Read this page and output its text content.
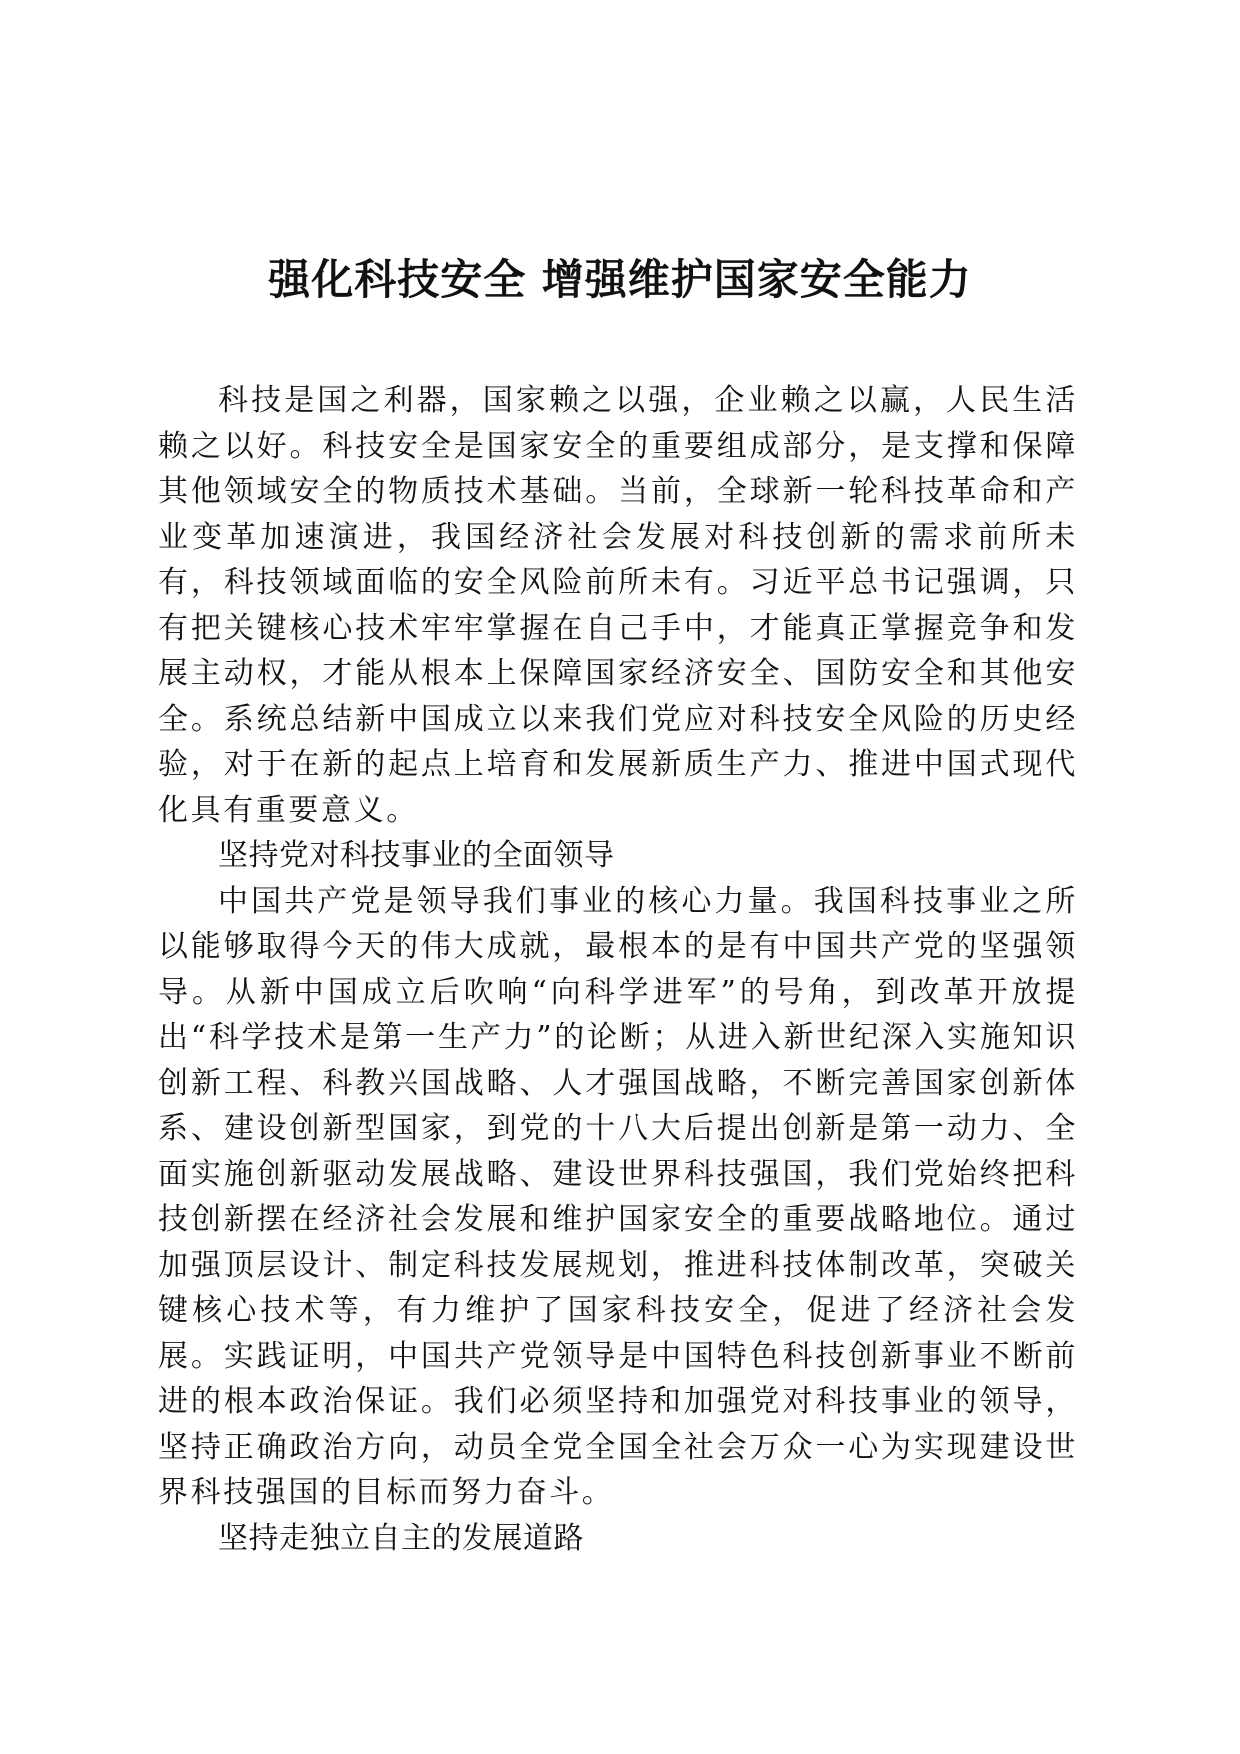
强化科技安全 增强维护国家安全能力

科技是国之利器，国家赖之以强，企业赖之以赢，人民生活赖之以好。科技安全是国家安全的重要组成部分，是支撑和保障其他领域安全的物质技术基础。当前，全球新一轮科技革命和产业变革加速演进，我国经济社会发展对科技创新的需求前所未有，科技领域面临的安全风险前所未有。习近平总书记强调，只有把关键核心技术牢牢掌握在自己手中，才能真正掌握竞争和发展主动权，才能从根本上保障国家经济安全、国防安全和其他安全。系统总结新中国成立以来我们党应对科技安全风险的历史经验，对于在新的起点上培育和发展新质生产力、推进中国式现代化具有重要意义。

坚持党对科技事业的全面领导

中国共产党是领导我们事业的核心力量。我国科技事业之所以能够取得今天的伟大成就，最根本的是有中国共产党的坚强领导。从新中国成立后吹响“向科学进军”的号角，到改革开放提出“科学技术是第一生产力”的论断；从进入新世纪深入实施知识创新工程、科教兴国战略、人才强国战略，不断完善国家创新体系、建设创新型国家，到党的十八大后提出创新是第一动力、全面实施创新驱动发展战略、建设世界科技强国，我们党始终把科技创新摆在经济社会发展和维护国家安全的重要战略地位。通过加强顶层设计、制定科技发展规划，推进科技体制改革，突破关键核心技术等，有力维护了国家科技安全，促进了经济社会发展。实践证明，中国共产党领导是中国特色科技创新事业不断前进的根本政治保证。我们必须坚持和加强党对科技事业的领导，坚持正确政治方向，动员全党全国全社会万众一心为实现建设世界科技强国的目标而努力奋斗。

坚持走独立自主的发展道路
